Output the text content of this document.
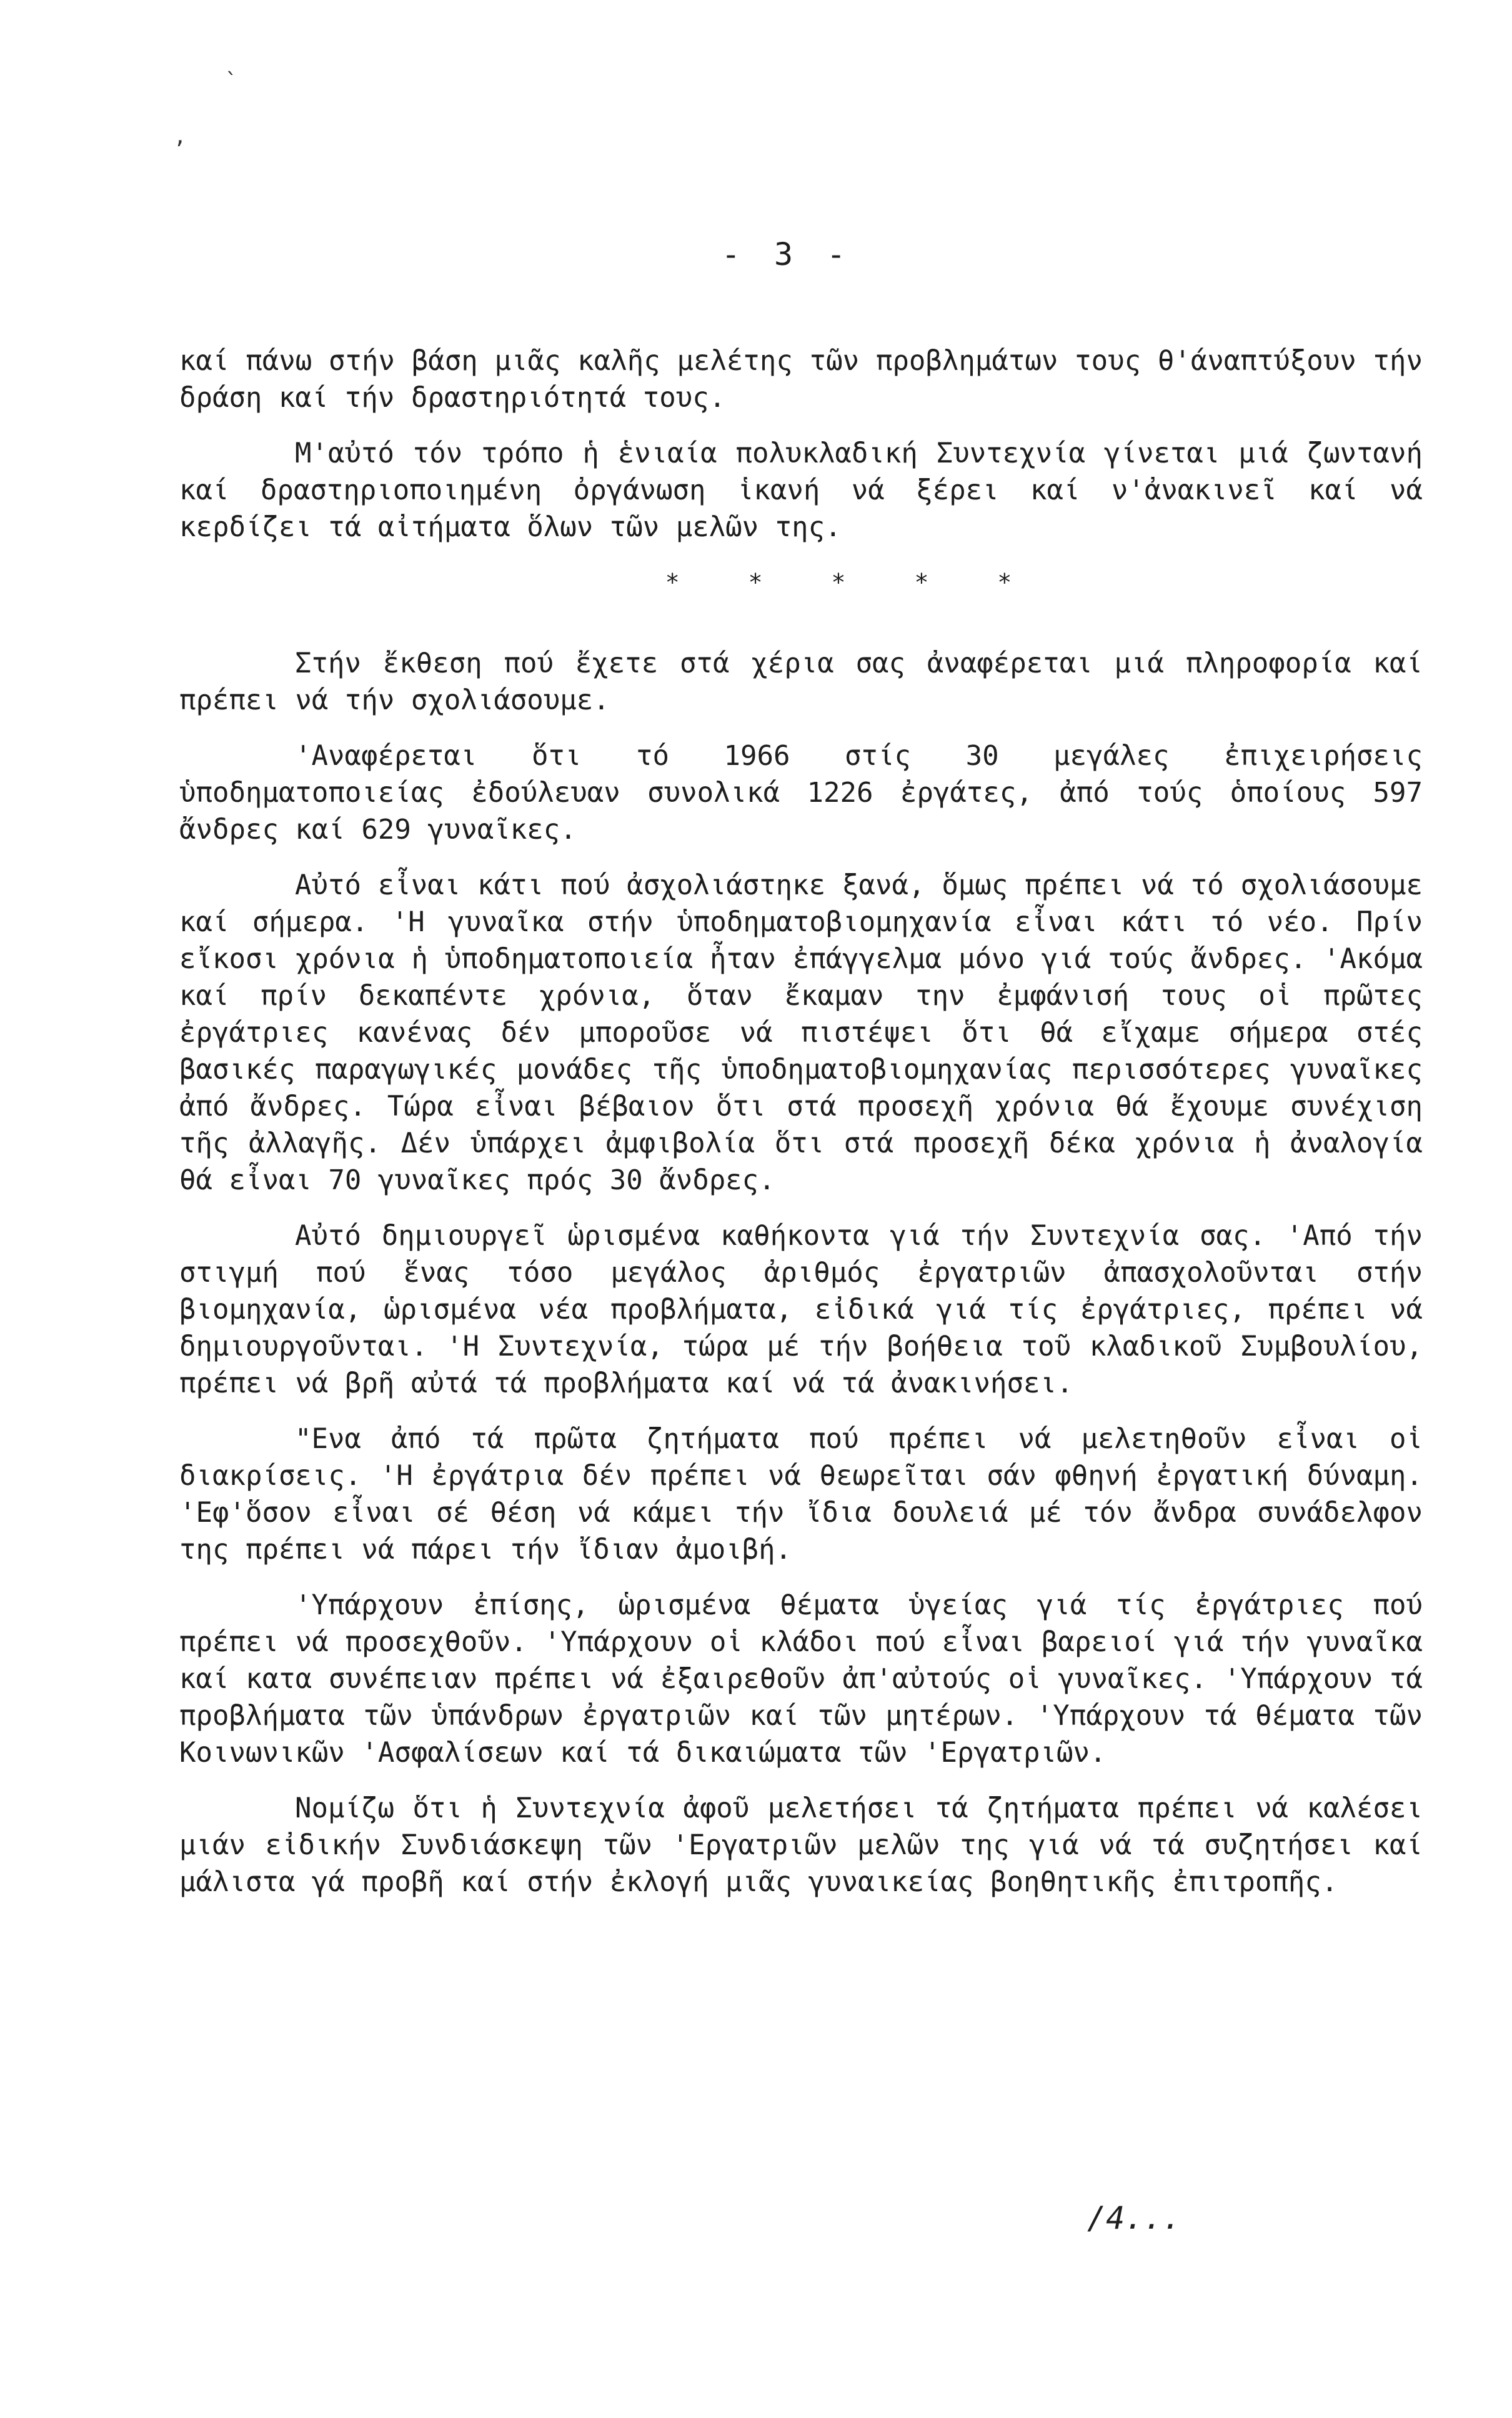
`
,
- 3 -

καί πάνω στήν βάση μιᾶς καλῆς μελέτης τῶν προβλημάτων τους θ'άναπτύξουν τήν δράση καί τήν δραστηριότητά τους.

Μ'αὐτό τόν τρόπο ἡ ἑνιαία πολυκλαδική Συντεχνία γίνεται μιά ζωντανή καί δραστηριοποιημένη ὀργάνωση ἱκανή νά ξέρει καί ν'ἀνακινεῖ καί νά κερδίζει τά αἰτήματα ὅλων τῶν μελῶν της.

*	*	*	*	*

Στήν ἔκθεση πού ἔχετε στά χέρια σας ἀναφέρεται μιά πληροφορία καί πρέπει νά τήν σχολιάσουμε.

'Αναφέρεται ὅτι τό 1966 στίς 30 μεγάλες ἐπιχειρήσεις ὑποδηματοποιείας ἐδούλευαν συνολικά 1226 ἐργάτες, ἀπό τούς ὁποίους 597 ἄνδρες καί 629 γυναῖκες.

Αὐτό εἶναι κάτι πού ἀσχολιάστηκε ξανά, ὅμως πρέπει νά τό σχολιάσουμε καί σήμερα. 'Η γυναῖκα στήν ὑποδηματοβιομηχανία εἶναι κάτι τό νέο. Πρίν εἴκοσι χρόνια ἡ ὑποδηματοποιεία ἦταν ἐπάγγελμα μόνο γιά τούς ἄνδρες. 'Ακόμα καί πρίν δεκαπέντε χρόνια, ὅταν ἔκαμαν την ἐμφάνισή τους οἱ πρῶτες ἐργάτριες κανένας δέν μποροῦσε νά πιστέψει ὅτι θά εἴχαμε σήμερα στές βασικές παραγωγικές μονάδες τῆς ὑποδηματοβιομηχανίας περισσότερες γυναῖκες ἀπό ἄνδρες. Τώρα εἶναι βέβαιον ὅτι στά προσεχῆ χρόνια θά ἔχουμε συνέχιση τῆς ἀλλαγῆς. Δέν ὑπάρχει ἀμφιβολία ὅτι στά προσεχῆ δέκα χρόνια ἡ ἀναλογία θά εἶναι 70 γυναῖκες πρός 30 ἄνδρες.

Αὐτό δημιουργεῖ ὡρισμένα καθήκοντα γιά τήν Συντεχνία σας. 'Από τήν στιγμή πού ἕνας τόσο μεγάλος ἀριθμός ἐργατριῶν ἀπασχολοῦνται στήν βιομηχανία, ὡρισμένα νέα προβλήματα, εἰδικά γιά τίς ἐργάτριες, πρέπει νά δημιουργοῦνται. 'Η Συντεχνία, τώρα μέ τήν βοήθεια τοῦ κλαδικοῦ Συμβουλίου, πρέπει νά βρῆ αὐτά τά προβλήματα καί νά τά ἀνακινήσει.

"Ενα ἀπό τά πρῶτα ζητήματα πού πρέπει νά μελετηθοῦν εἶναι οἱ διακρίσεις. 'Η ἐργάτρια δέν πρέπει νά θεωρεῖται σάν φθηνή ἐργατική δύναμη. 'Εφ'ὅσον εἶναι σέ θέση νά κάμει τήν ἴδια δουλειά μέ τόν ἄνδρα συνάδελφον της πρέπει νά πάρει τήν ἴδιαν ἀμοιβή.

'Υπάρχουν ἐπίσης, ὡρισμένα θέματα ὑγείας γιά τίς ἐργάτριες πού πρέπει νά προσεχθοῦν. 'Υπάρχουν οἱ κλάδοι πού εἶναι βαρειοί γιά τήν γυναῖκα καί κατα συνέπειαν πρέπει νά ἐξαιρεθοῦν ἀπ'αὐτούς οἱ γυναῖκες. 'Υπάρχουν τά προβλήματα τῶν ὑπάνδρων ἐργατριῶν καί τῶν μητέρων. 'Υπάρχουν τά θέματα τῶν Κοινωνικῶν 'Ασφαλίσεων καί τά δικαιώματα τῶν 'Εργατριῶν.

Νομίζω ὅτι ἡ Συντεχνία ἀφοῦ μελετήσει τά ζητήματα πρέπει νά καλέσει μιάν εἰδικήν Συνδιάσκεψη τῶν 'Εργατριῶν μελῶν της γιά νά τά συζητήσει καί μάλιστα γά προβῆ καί στήν ἐκλογή μιᾶς γυναικείας βοηθητικῆς ἐπιτροπῆς.

/4...
